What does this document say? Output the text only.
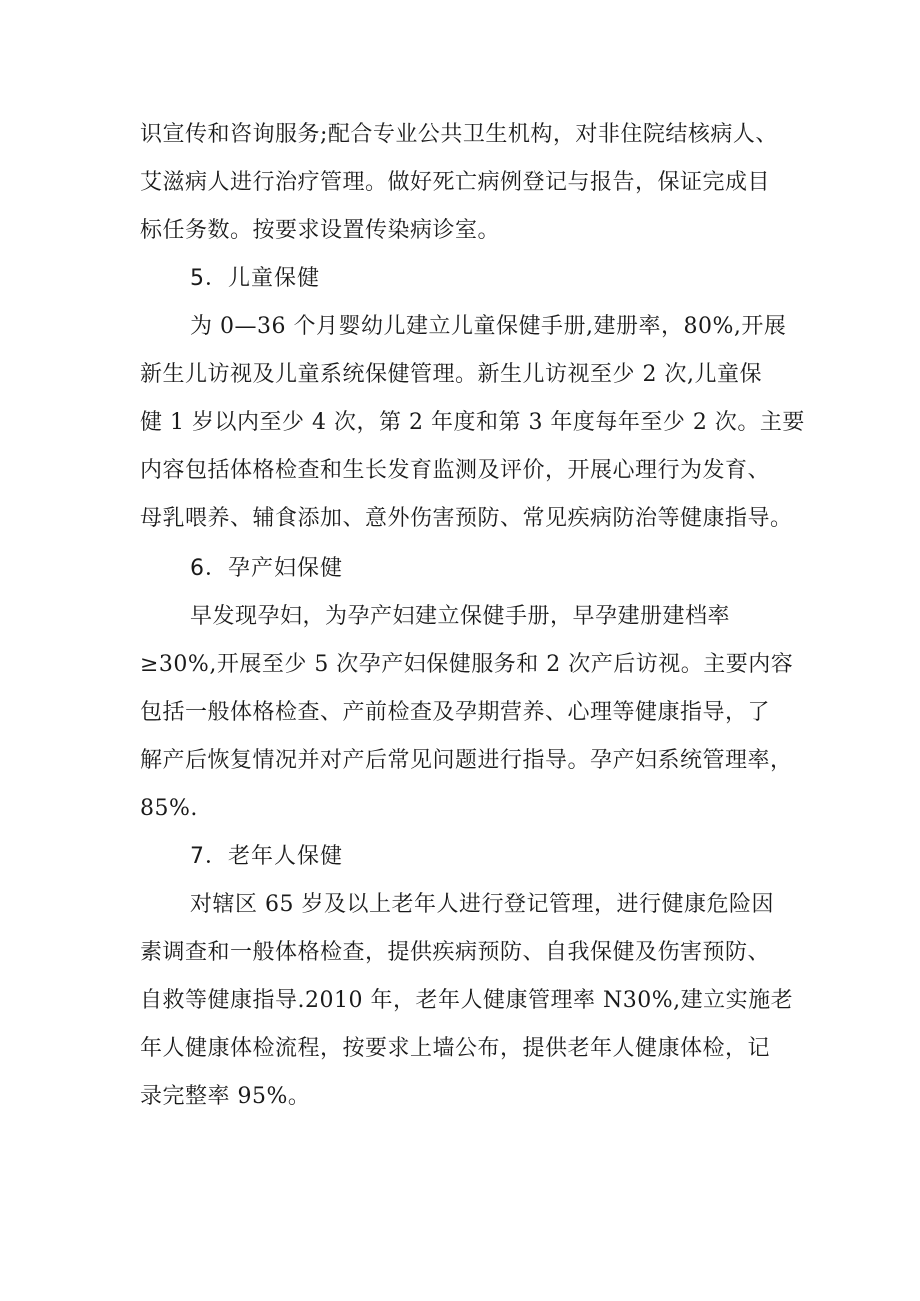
识宣传和咨询服务;配合专业公共卫生机构，对非住院结核病人、
艾滋病人进行治疗管理。做好死亡病例登记与报告，保证完成目
标任务数。按要求设置传染病诊室。
5．儿童保健
为 0—36 个月婴幼儿建立儿童保健手册,建册率，80%,开展
新生儿访视及儿童系统保健管理。新生儿访视至少 2 次,儿童保
健 1 岁以内至少 4 次，第 2 年度和第 3 年度每年至少 2 次。主要
内容包括体格检查和生长发育监测及评价，开展心理行为发育、
母乳喂养、辅食添加、意外伤害预防、常见疾病防治等健康指导。
6．孕产妇保健
早发现孕妇，为孕产妇建立保健手册，早孕建册建档率
≥30%,开展至少 5 次孕产妇保健服务和 2 次产后访视。主要内容
包括一般体格检查、产前检查及孕期营养、心理等健康指导，了
解产后恢复情况并对产后常见问题进行指导。孕产妇系统管理率，
85%.
7．老年人保健
对辖区 65 岁及以上老年人进行登记管理，进行健康危险因
素调查和一般体格检查，提供疾病预防、自我保健及伤害预防、
自救等健康指导.2010 年，老年人健康管理率 N30%,建立实施老
年人健康体检流程，按要求上墙公布，提供老年人健康体检，记
录完整率 95%。
